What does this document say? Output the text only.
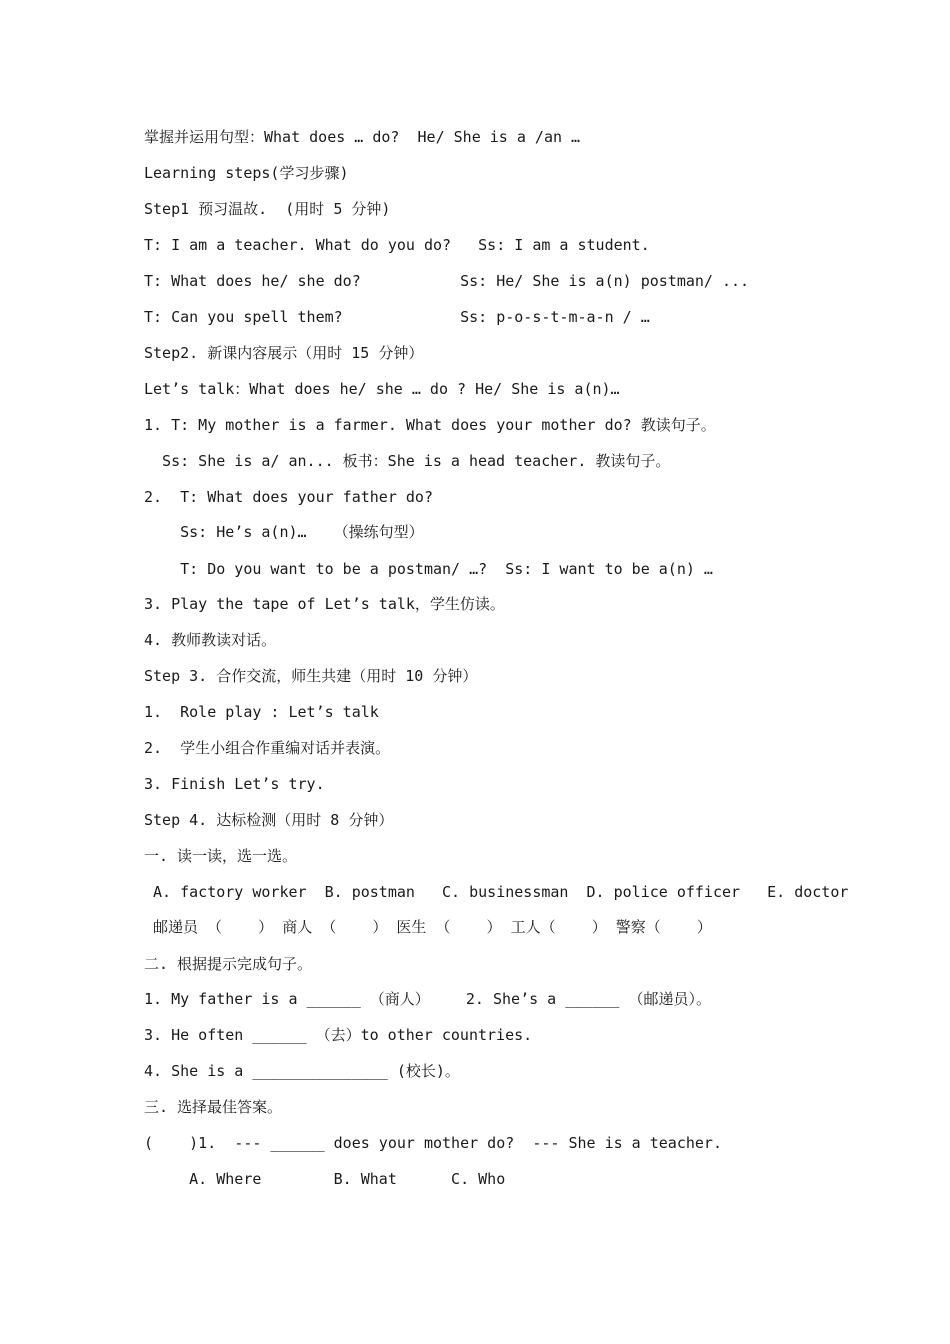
掌握并运用句型：What does … do?  He/ She is a /an …
Learning steps(学习步骤)
Step1 预习温故.  (用时 5 分钟)
T: I am a teacher. What do you do?   Ss: I am a student.
T: What does he/ she do?           Ss: He/ She is a(n) postman/ ...
T: Can you spell them?             Ss: p-o-s-t-m-a-n / …
Step2. 新课内容展示（用时 15 分钟）
Let’s talk：What does he/ she … do ? He/ She is a(n)…
1. T: My mother is a farmer. What does your mother do? 教读句子。
Ss: She is a/ an... 板书：She is a head teacher. 教读句子。
2.  T: What does your father do?
Ss: He’s a(n)…   （操练句型）
T: Do you want to be a postman/ …?  Ss: I want to be a(n) …
3. Play the tape of Let’s talk，学生仿读。
4. 教师教读对话。
Step 3. 合作交流，师生共建（用时 10 分钟）
1.  Role play : Let’s talk
2.  学生小组合作重编对话并表演。
3. Finish Let’s try.
Step 4. 达标检测（用时 8 分钟）
一. 读一读，选一选。
A. factory worker  B. postman   C. businessman  D. police officer   E. doctor
邮递员 （    ） 商人 （    ） 医生 （    ） 工人（    ） 警察（    ）
二. 根据提示完成句子。
1. My father is a ______ （商人）    2. She’s a ______ （邮递员）。
3. He often ______ （去）to other countries.
4. She is a _______________ (校长)。
三. 选择最佳答案。
(    )1.  --- ______ does your mother do?  --- She is a teacher.
A. Where        B. What      C. Who
